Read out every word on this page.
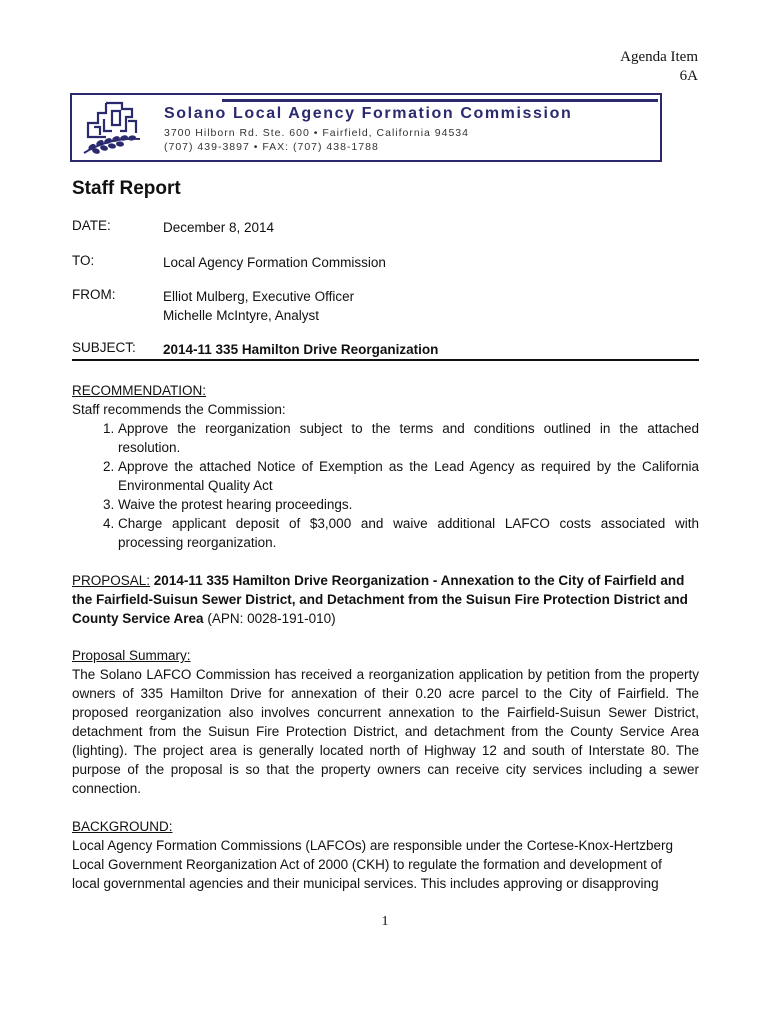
Agenda Item
6A
Solano Local Agency Formation Commission
3700 Hilborn Rd. Ste. 600 • Fairfield, California 94534
(707) 439-3897 • FAX: (707) 438-1788
Staff Report
DATE:	December 8, 2014
TO:	Local Agency Formation Commission
FROM:	Elliot Mulberg, Executive Officer
Michelle McIntyre, Analyst
SUBJECT:	2014-11 335 Hamilton Drive Reorganization
RECOMMENDATION:
Staff recommends the Commission:
1. Approve the reorganization subject to the terms and conditions outlined in the attached resolution.
2. Approve the attached Notice of Exemption as the Lead Agency as required by the California Environmental Quality Act
3. Waive the protest hearing proceedings.
4. Charge applicant deposit of $3,000 and waive additional LAFCO costs associated with processing reorganization.
PROPOSAL: 2014-11 335 Hamilton Drive Reorganization - Annexation to the City of Fairfield and the Fairfield-Suisun Sewer District, and Detachment from the Suisun Fire Protection District and County Service Area (APN: 0028-191-010)
Proposal Summary:
The Solano LAFCO Commission has received a reorganization application by petition from the property owners of 335 Hamilton Drive for annexation of their 0.20 acre parcel to the City of Fairfield. The proposed reorganization also involves concurrent annexation to the Fairfield-Suisun Sewer District, detachment from the Suisun Fire Protection District, and detachment from the County Service Area (lighting). The project area is generally located north of Highway 12 and south of Interstate 80. The purpose of the proposal is so that the property owners can receive city services including a sewer connection.
BACKGROUND:
Local Agency Formation Commissions (LAFCOs) are responsible under the Cortese-Knox-Hertzberg
Local Government Reorganization Act of 2000 (CKH) to regulate the formation and development of
local governmental agencies and their municipal services. This includes approving or disapproving
1
